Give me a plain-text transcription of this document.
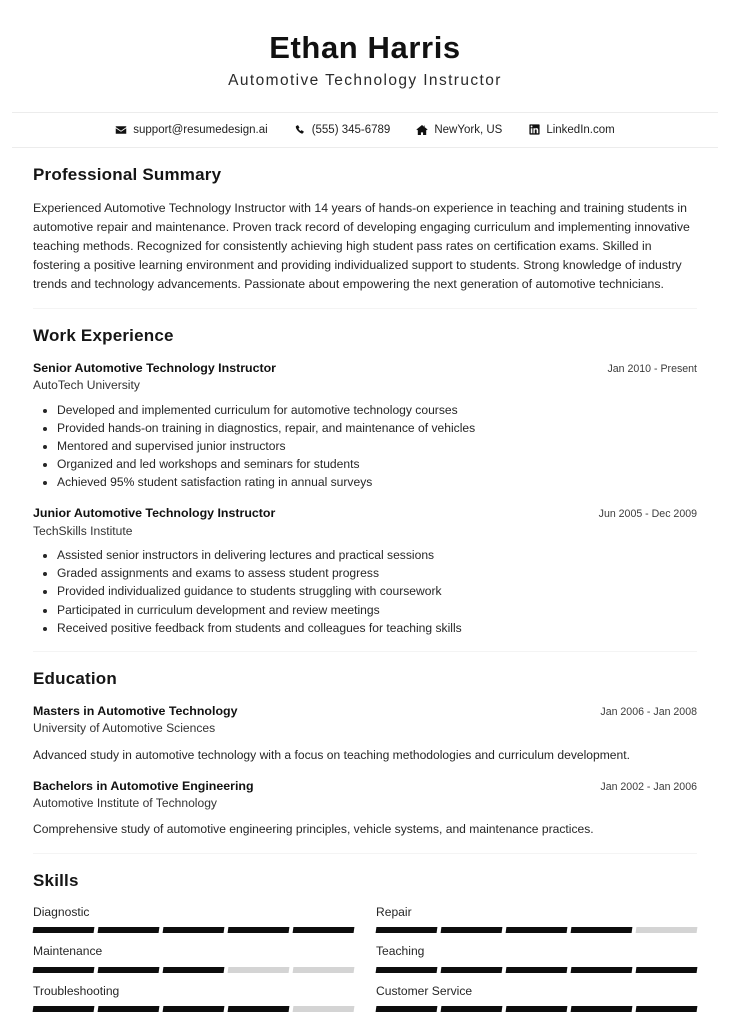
Ethan Harris
Automotive Technology Instructor
support@resumedesign.ai	(555) 345-6789	NewYork, US	LinkedIn.com
Professional Summary

Experienced Automotive Technology Instructor with 14 years of hands-on experience in teaching and training students in automotive repair and maintenance. Proven track record of developing engaging curriculum and implementing innovative teaching methods. Recognized for consistently achieving high student pass rates on certification exams. Skilled in fostering a positive learning environment and providing individualized support to students. Strong knowledge of industry trends and technology advancements. Passionate about empowering the next generation of automotive technicians.

Work Experience
Senior Automotive Technology Instructor	Jan 2010 - Present
AutoTech University
• Developed and implemented curriculum for automotive technology courses
• Provided hands-on training in diagnostics, repair, and maintenance of vehicles
• Mentored and supervised junior instructors
• Organized and led workshops and seminars for students
• Achieved 95% student satisfaction rating in annual surveys
Junior Automotive Technology Instructor	Jun 2005 - Dec 2009
TechSkills Institute
• Assisted senior instructors in delivering lectures and practical sessions
• Graded assignments and exams to assess student progress
• Provided individualized guidance to students struggling with coursework
• Participated in curriculum development and review meetings
• Received positive feedback from students and colleagues for teaching skills
Education
Masters in Automotive Technology	Jan 2006 - Jan 2008
University of Automotive Sciences
Advanced study in automotive technology with a focus on teaching methodologies and curriculum development.
Bachelors in Automotive Engineering	Jan 2002 - Jan 2006
Automotive Institute of Technology
Comprehensive study of automotive engineering principles, vehicle systems, and maintenance practices.
Skills
Diagnostic	Repair
Maintenance	Teaching
Troubleshooting	Customer Service
